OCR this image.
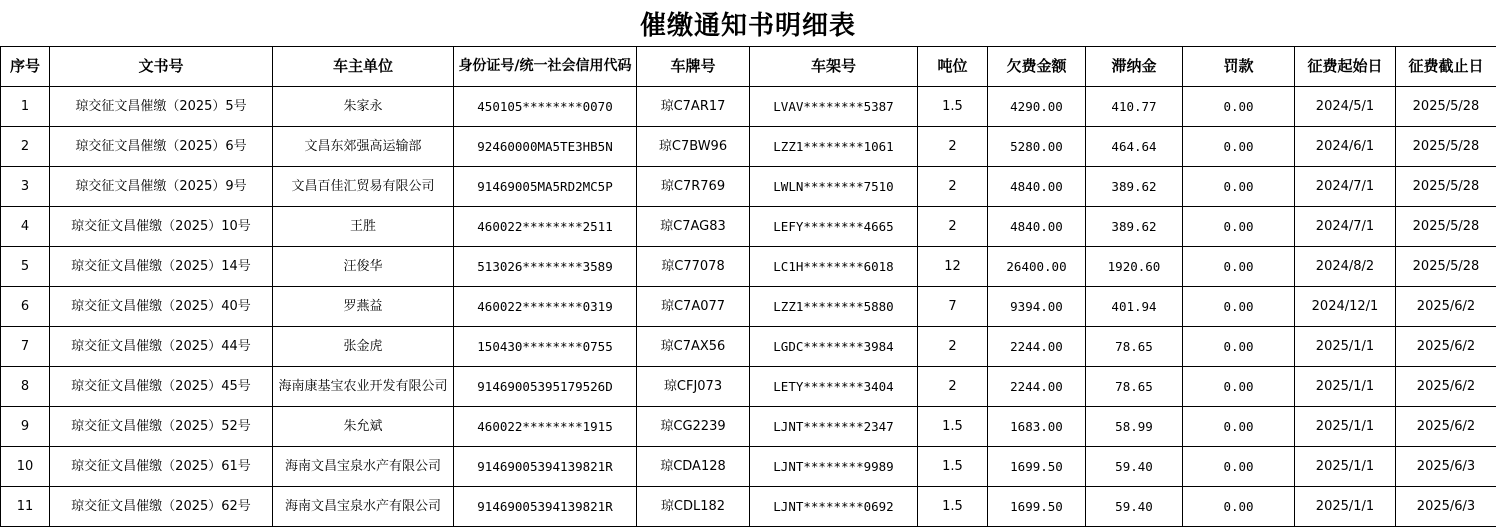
催缴通知书明细表
序号	文书号	车主单位	身份证号/统一社会信用代码	车牌号	车架号	吨位	欠费金额	滞纳金	罚款	征费起始日	征费截止日
1	琼交征文昌催缴（2025）5号	朱家永	450105********0070	琼C7AR17	LVAV********5387	1.5	4290.00	410.77	0.00	2024/5/1	2025/5/28
2	琼交征文昌催缴（2025）6号	文昌东郊强高运输部	92460000MA5TE3HB5N	琼C7BW96	LZZ1********1061	2	5280.00	464.64	0.00	2024/6/1	2025/5/28
3	琼交征文昌催缴（2025）9号	文昌百佳汇贸易有限公司	91469005MA5RD2MC5P	琼C7R769	LWLN********7510	2	4840.00	389.62	0.00	2024/7/1	2025/5/28
4	琼交征文昌催缴（2025）10号	王胜	460022********2511	琼C7AG83	LEFY********4665	2	4840.00	389.62	0.00	2024/7/1	2025/5/28
5	琼交征文昌催缴（2025）14号	汪俊华	513026********3589	琼C77078	LC1H********6018	12	26400.00	1920.60	0.00	2024/8/2	2025/5/28
6	琼交征文昌催缴（2025）40号	罗燕益	460022********0319	琼C7A077	LZZ1********5880	7	9394.00	401.94	0.00	2024/12/1	2025/6/2
7	琼交征文昌催缴（2025）44号	张金虎	150430********0755	琼C7AX56	LGDC********3984	2	2244.00	78.65	0.00	2025/1/1	2025/6/2
8	琼交征文昌催缴（2025）45号	海南康基宝农业开发有限公司	91469005395179526D	琼CFJ073	LETY********3404	2	2244.00	78.65	0.00	2025/1/1	2025/6/2
9	琼交征文昌催缴（2025）52号	朱允斌	460022********1915	琼CG2239	LJNT********2347	1.5	1683.00	58.99	0.00	2025/1/1	2025/6/2
10	琼交征文昌催缴（2025）61号	海南文昌宝泉水产有限公司	91469005394139821R	琼CDA128	LJNT********9989	1.5	1699.50	59.40	0.00	2025/1/1	2025/6/3
11	琼交征文昌催缴（2025）62号	海南文昌宝泉水产有限公司	91469005394139821R	琼CDL182	LJNT********0692	1.5	1699.50	59.40	0.00	2025/1/1	2025/6/3
